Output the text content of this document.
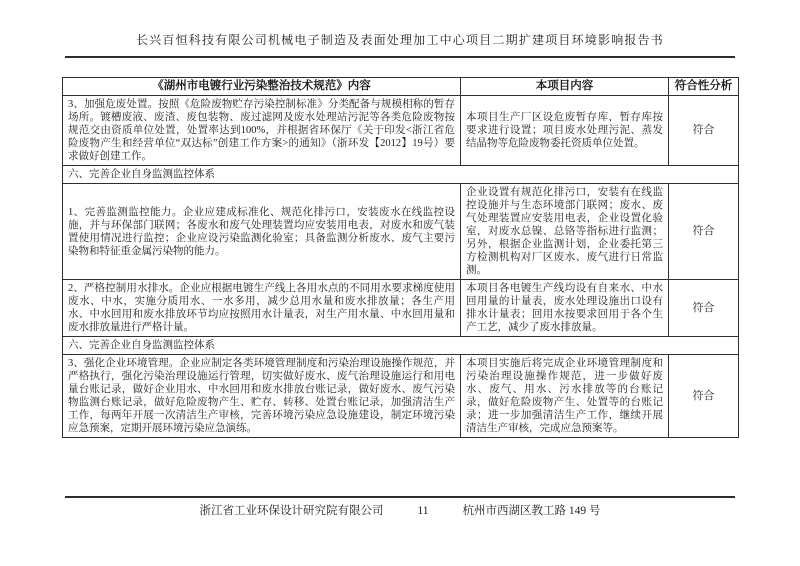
长兴百恒科技有限公司机械电子制造及表面处理加工中心项目二期扩建项目环境影响报告书
《湖州市电镀行业污染整治技术规范》内容	本项目内容	符合性分析
3、加强危废处置。按照《危险废物贮存污染控制标准》分类配备与规模相称的暂存场所。镀槽废液、废渣、废包装物、废过滤网及废水处理站污泥等各类危险废物按规范交由资质单位处置，处置率达到100%，并根据省环保厅《关于印发<浙江省危险废物产生和经营单位“双达标”创建工作方案>的通知》（浙环发【2012】19号）要求做好创建工作。	本项目生产厂区设危废暂存库，暂存库按要求进行设置；项目废水处理污泥、蒸发结晶物等危险废物委托资质单位处置。	符合
六、完善企业自身监测监控体系		
1、完善监测监控能力。企业应建成标准化、规范化排污口，安装废水在线监控设施，并与环保部门联网；各废水和废气处理装置均应安装用电表，对废水和废气装置使用情况进行监控；企业应设污染监测化验室；具备监测分析废水、废气主要污染物和特征重金属污染物的能力。	企业设置有规范化排污口，安装有在线监控设施并与生态环境部门联网；废水、废气处理装置应安装用电表，企业设置化验室，对废水总镍、总铬等指标进行监测；另外，根据企业监测计划，企业委托第三方检测机构对厂区废水、废气进行日常监测。	符合
2、严格控制用水排水。企业应根据电镀生产线上各用水点的不同用水要求梯度使用废水、中水，实施分质用水、一水多用，减少总用水量和废水排放量；各生产用水、中水回用和废水排放环节均应按照用水计量表，对生产用水量、中水回用量和废水排放量进行严格计量。	本项目各电镀生产线均设有自来水、中水回用量的计量表，废水处理设施出口设有排水计量表；回用水按要求回用于各个生产工艺，减少了废水排放量。	符合
六、完善企业自身监测监控体系		
3、强化企业环境管理。企业应制定各类环境管理制度和污染治理设施操作规范，并严格执行，强化污染治理设施运行管理，切实做好废水、废气治理设施运行和用电量台账记录，做好企业用水、中水回用和废水排放台账记录，做好废水、废气污染物监测台账记录，做好危险废物产生、贮存、转移、处置台账记录，加强清洁生产工作，每两年开展一次清洁生产审核，完善环境污染应急设施建设，制定环境污染应急预案，定期开展环境污染应急演练。	本项目实施后将完成企业环境管理制度和污染治理设施操作规范，进一步做好废水、废气、用水、污水排放等的台账记录，做好危险废物产生、处置等的台账记录；进一步加强清洁生产工作，继续开展清洁生产审核，完成应急预案等。	符合
浙江省工业环保设计研究院有限公司	11	杭州市西湖区教工路 149 号
